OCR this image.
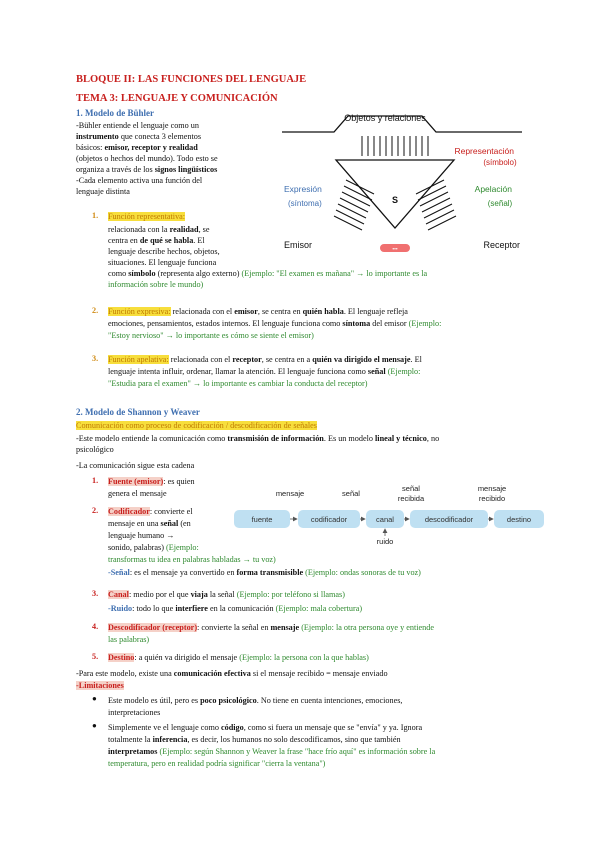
BLOQUE II: LAS FUNCIONES DEL LENGUAJE
TEMA 3: LENGUAJE Y COMUNICACIÓN
1. Modelo de Bühler
-Bühler entiende el lenguaje como un
instrumento que conecta 3 elementos
básicos: emisor, receptor y realidad
(objetos o hechos del mundo). Todo esto se
organiza a través de los signos lingüísticos
-Cada elemento activa una función del
lenguaje distinta
1. Función representativa:
relacionada con la realidad, se
centra en de qué se habla. El
lenguaje describe hechos, objetos,
situaciones. El lenguaje funciona
como símbolo (representa algo externo) (Ejemplo: "El examen es mañana" → lo importante es la
información sobre le mundo)
2. Función expresiva: relacionada con el emisor, se centra en quién habla. El lenguaje refleja
emociones, pensamientos, estados internos. El lenguaje funciona como síntoma del emisor (Ejemplo:
"Estoy nervioso" → lo importante es cómo se siente el emisor)
3. Función apelativa: relacionada con el receptor, se centra en a quién va dirigido el mensaje. El
lenguaje intenta influir, ordenar, llamar la atención. El lenguaje funciona como señal (Ejemplo:
"Estudia para el examen" → lo importante es cambiar la conducta del receptor)
Objetos y relaciones
S
•••
Representación
(símbolo)
Expresión
(síntoma)
Apelación
(señal)
Emisor	Receptor
2. Modelo de Shannon y Weaver
Comunicación como proceso de codificación / descodificación de señales
-Este modelo entiende la comunicación como transmisión de información. Es un modelo lineal y técnico, no
psicológico
-La comunicación sigue esta cadena
1. Fuente (emisor): es quien
genera el mensaje
2. Codificador: convierte el
mensaje en una señal (en
lenguaje humano →
sonido, palabras) (Ejemplo:
transformas tu idea en palabras habladas → tu voz)
-Señal: es el mensaje ya convertido en forma transmisible (Ejemplo: ondas sonoras de tu voz)
3. Canal: medio por el que viaja la señal (Ejemplo: por teléfono si llamas)
-Ruido: todo lo que interfiere en la comunicación (Ejemplo: mala cobertura)
4. Descodificador (receptor): convierte la señal en mensaje (Ejemplo: la otra persona oye y entiende
las palabras)
5. Destino: a quién va dirigido el mensaje (Ejemplo: la persona con la que hablas)
-Para este modelo, existe una comunicación efectiva si el mensaje recibido = mensaje enviado
-Limitaciones
● Este modelo es útil, pero es poco psicológico. No tiene en cuenta intenciones, emociones,
interpretaciones
● Simplemente ve el lenguaje como código, como si fuera un mensaje que se "envía" y ya. Ignora
totalmente la inferencia, es decir, los humanos no solo descodificamos, sino que también
interpretamos (Ejemplo: según Shannon y Weaver la frase "hace frío aquí" es información sobre la
temperatura, pero en realidad podría significar "cierra la ventana")
mensaje	señal
señal
recibida
mensaje
recibido
fuente	codificador	canal	descodificador	destino
ruido
